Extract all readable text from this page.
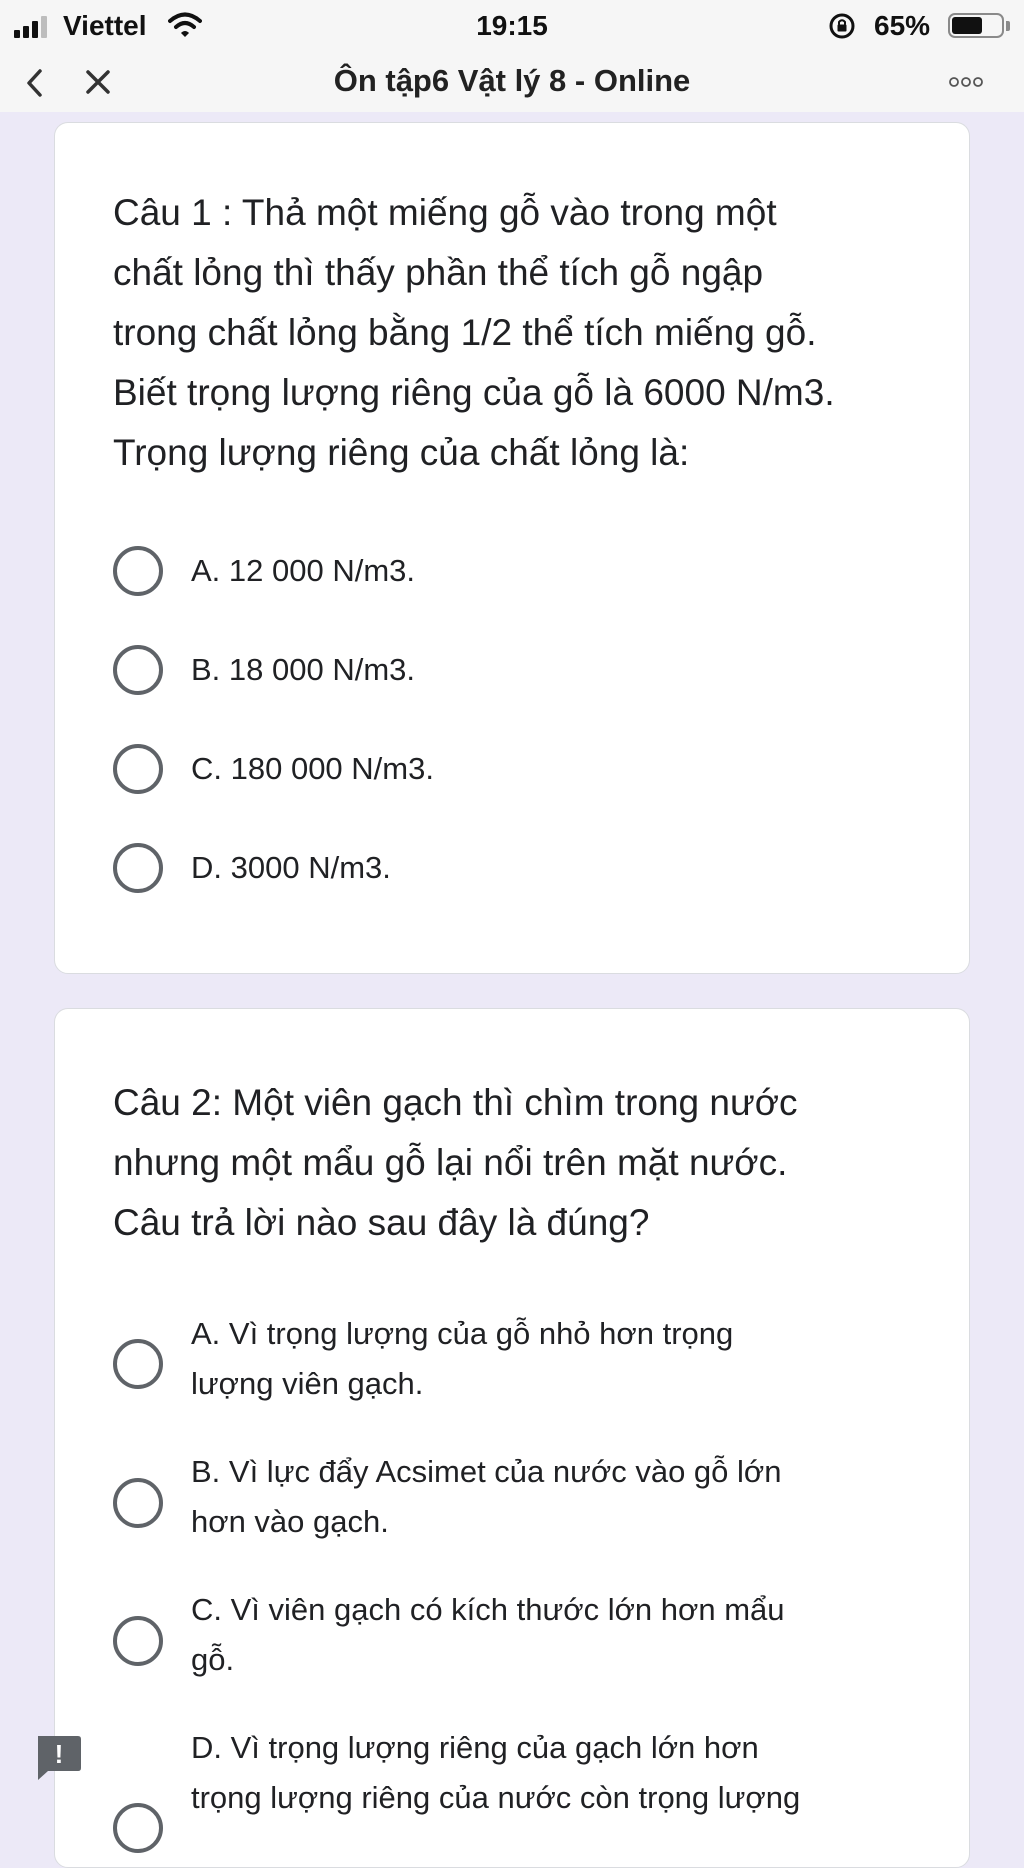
Viettel	19:15	65%
Ôn tập6 Vật lý 8 - Online

Câu 1 : Thả một miếng gỗ vào trong một
chất lỏng thì thấy phần thể tích gỗ ngập
trong chất lỏng bằng 1/2 thể tích miếng gỗ.
Biết trọng lượng riêng của gỗ là 6000 N/m3.
Trọng lượng riêng của chất lỏng là:

A. 12 000 N/m3.
B. 18 000 N/m3.
C. 180 000 N/m3.
D. 3000 N/m3.

Câu 2: Một viên gạch thì chìm trong nước
nhưng một mẩu gỗ lại nổi trên mặt nước.
Câu trả lời nào sau đây là đúng?

A. Vì trọng lượng của gỗ nhỏ hơn trọng
lượng viên gạch.
B. Vì lực đẩy Acsimet của nước vào gỗ lớn
hơn vào gạch.
C. Vì viên gạch có kích thước lớn hơn mẩu
gỗ.
D. Vì trọng lượng riêng của gạch lớn hơn
trọng lượng riêng của nước còn trọng lượng
!
